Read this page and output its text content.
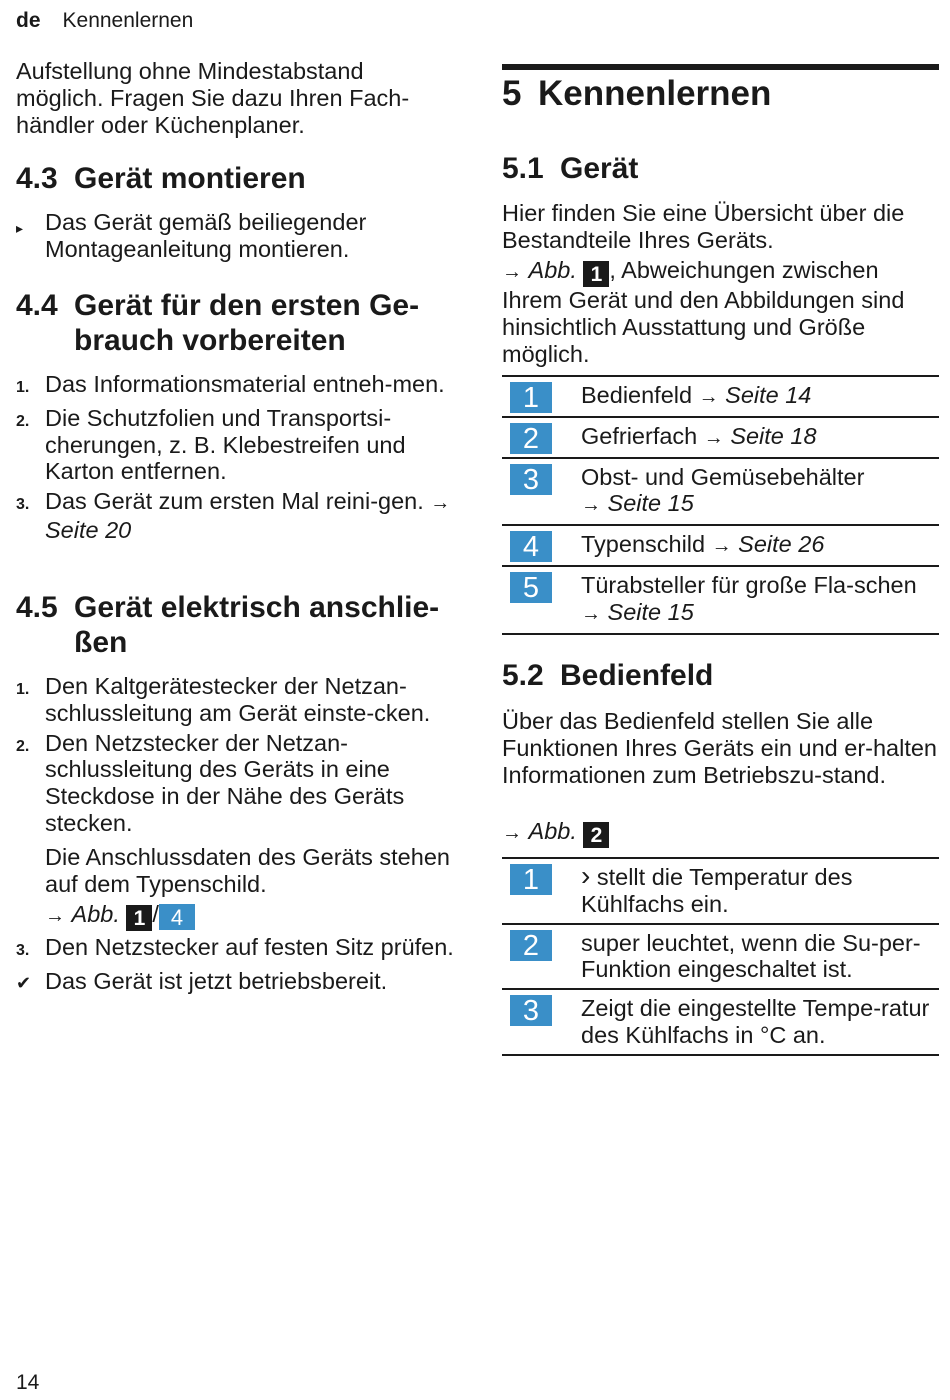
de Kennenlernen

Aufstellung ohne Mindestabstand möglich. Fragen Sie dazu Ihren Fach-händler oder Küchenplaner.

4.3 Gerät montieren
▸ Das Gerät gemäß beiliegender Montageanleitung montieren.
4.4 Gerät für den ersten Ge-brauch vorbereiten
1. Das Informationsmaterial entneh-men.
2. Die Schutzfolien und Transportsi-cherungen, z. B. Klebestreifen und Karton entfernen.
3. Das Gerät zum ersten Mal reini-gen. → Seite 20
4.5 Gerät elektrisch anschlie-ßen
1. Den Kaltgerätestecker der Netzan-schlussleitung am Gerät einste-cken.
2. Den Netzstecker der Netzan-schlussleitung des Geräts in eine Steckdose in der Nähe des Geräts stecken.
Die Anschlussdaten des Geräts stehen auf dem Typenschild.
→ Abb. 1 / 4
3. Den Netzstecker auf festen Sitz prüfen.
✔ Das Gerät ist jetzt betriebsbereit.
5 Kennenlernen
5.1 Gerät

Hier finden Sie eine Übersicht über die Bestandteile Ihres Geräts.

→ Abb. 1 , Abweichungen zwischen Ihrem Gerät und den Abbildungen sind hinsichtlich Ausstattung und Größe möglich.

1	Bedienfeld → Seite 14
2	Gefrierfach → Seite 18
3	Obst- und Gemüsebehälter
→ Seite 15
4	Typenschild → Seite 26
5	Türabsteller für große Fla-schen → Seite 15
5.2 Bedienfeld

Über das Bedienfeld stellen Sie alle Funktionen Ihres Geräts ein und er-halten Informationen zum Betriebszu-stand.

→ Abb. 2

1	› stellt die Temperatur des Kühlfachs ein.
2	super leuchtet, wenn die Su-per-Funktion eingeschaltet ist.
3	Zeigt die eingestellte Tempe-ratur des Kühlfachs in °C an.
14
